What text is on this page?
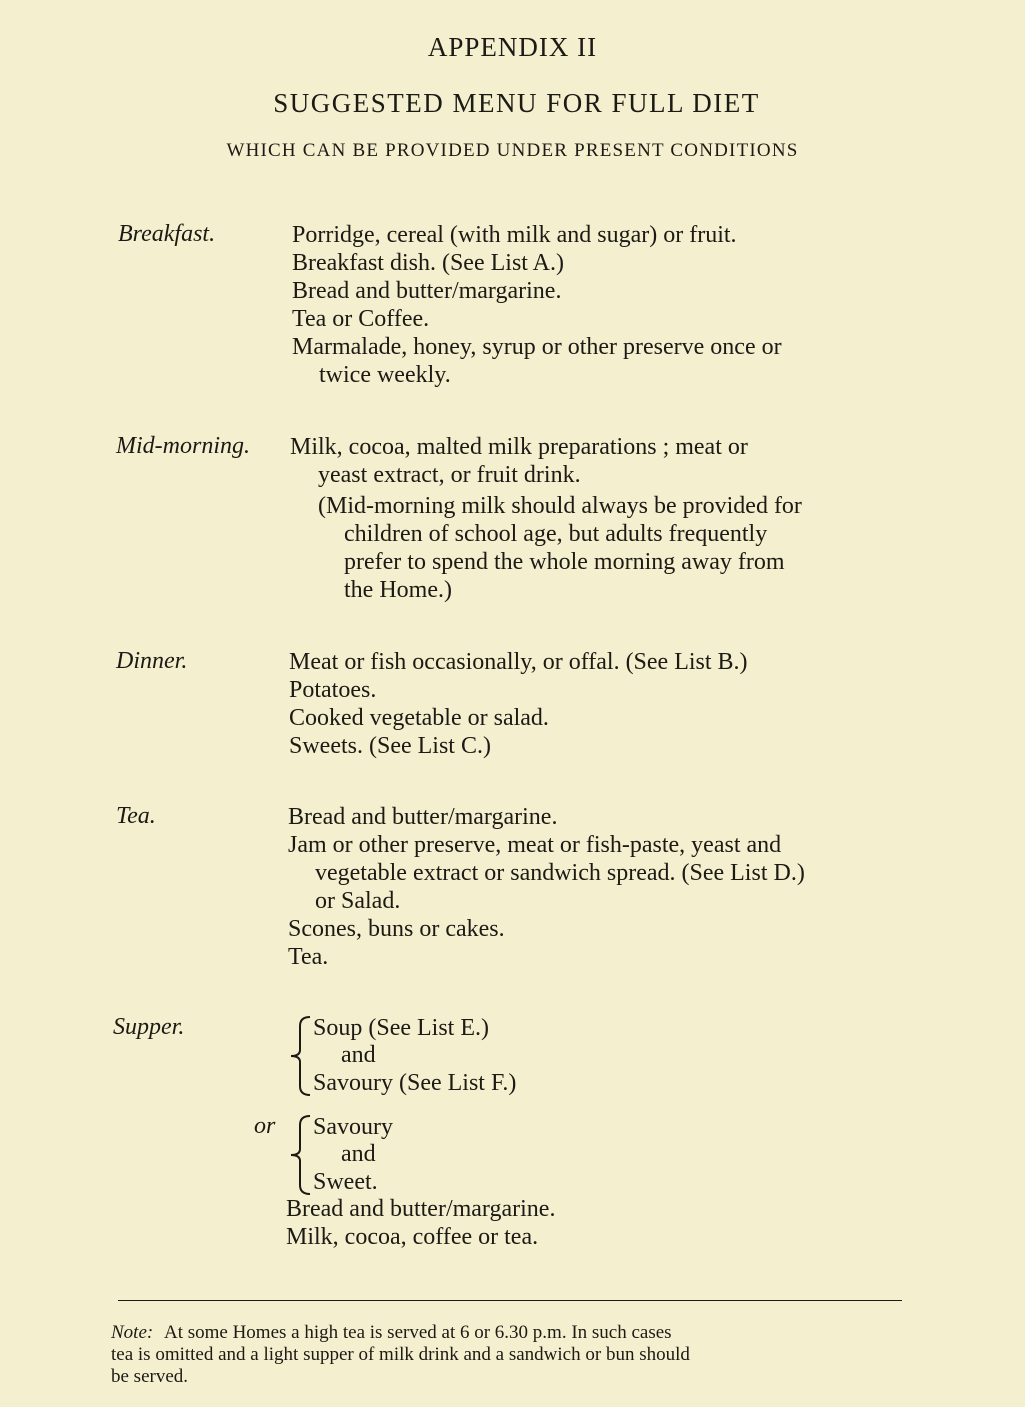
APPENDIX II
SUGGESTED MENU FOR FULL DIET
WHICH CAN BE PROVIDED UNDER PRESENT CONDITIONS
Breakfast.	Porridge, cereal (with milk and sugar) or fruit.
Breakfast dish. (See List A.)
Bread and butter/margarine.
Tea or Coffee.
Marmalade, honey, syrup or other preserve once or
twice weekly.
Mid-morning. Milk, cocoa, malted milk preparations ; meat or
yeast extract, or fruit drink.
(Mid-morning milk should always be provided for
children of school age, but adults frequently
prefer to spend the whole morning away from
the Home.)
Dinner.	Meat or fish occasionally, or offal. (See List B.)
Potatoes.
Cooked vegetable or salad.
Sweets. (See List C.)
Tea.	Bread and butter/margarine.
Jam or other preserve, meat or fish-paste, yeast and
vegetable extract or sandwich spread. (See List D.)
or Salad.
Scones, buns or cakes.
Tea.
Supper.	Soup (See List E.)
and
Savoury (See List F.)
or Savoury
and
Sweet.
Bread and butter/margarine.
Milk, cocoa, coffee or tea.
Note: At some Homes a high tea is served at 6 or 6.30 p.m. In such cases
tea is omitted and a light supper of milk drink and a sandwich or bun should
be served.
